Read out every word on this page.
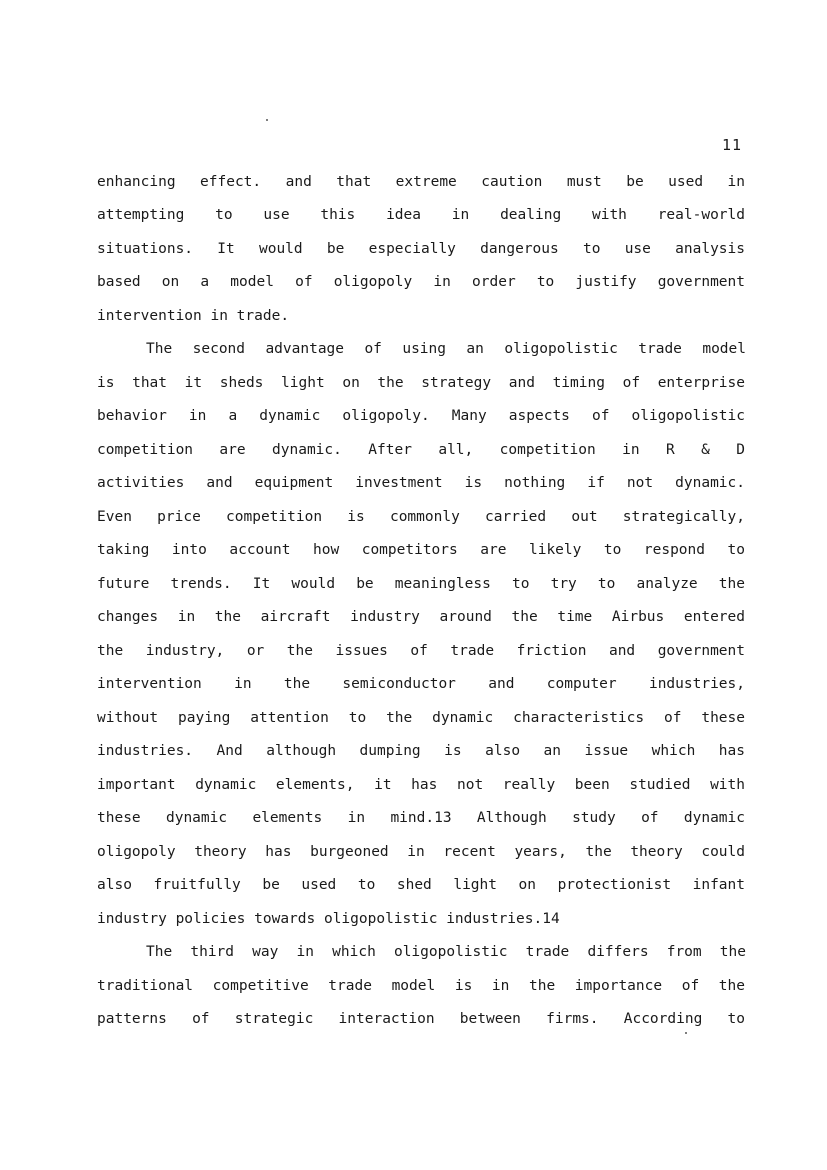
11
enhancing effect. and that extreme caution must be used in
attempting to use this idea in dealing with real-world
situations. It would be especially dangerous to use analysis
based on a model of oligopoly in order to justify government
intervention in trade.
The second advantage of using an oligopolistic trade model
is that it sheds light on the strategy and timing of enterprise
behavior in a dynamic oligopoly. Many aspects of oligopolistic
competition are dynamic. After all, competition in R & D
activities and equipment investment is nothing if not dynamic.
Even price competition is commonly carried out strategically,
taking into account how competitors are likely to respond to
future trends. It would be meaningless to try to analyze the
changes in the aircraft industry around the time Airbus entered
the industry, or the issues of trade friction and government
intervention in the semiconductor and computer industries,
without paying attention to the dynamic characteristics of these
industries. And although dumping is also an issue which has
important dynamic elements, it has not really been studied with
these dynamic elements in mind.13 Although study of dynamic
oligopoly theory has burgeoned in recent years, the theory could
also fruitfully be used to shed light on protectionist infant
industry policies towards oligopolistic industries.14
The third way in which oligopolistic trade differs from the
traditional competitive trade model is in the importance of the
patterns of strategic interaction between firms. According to
